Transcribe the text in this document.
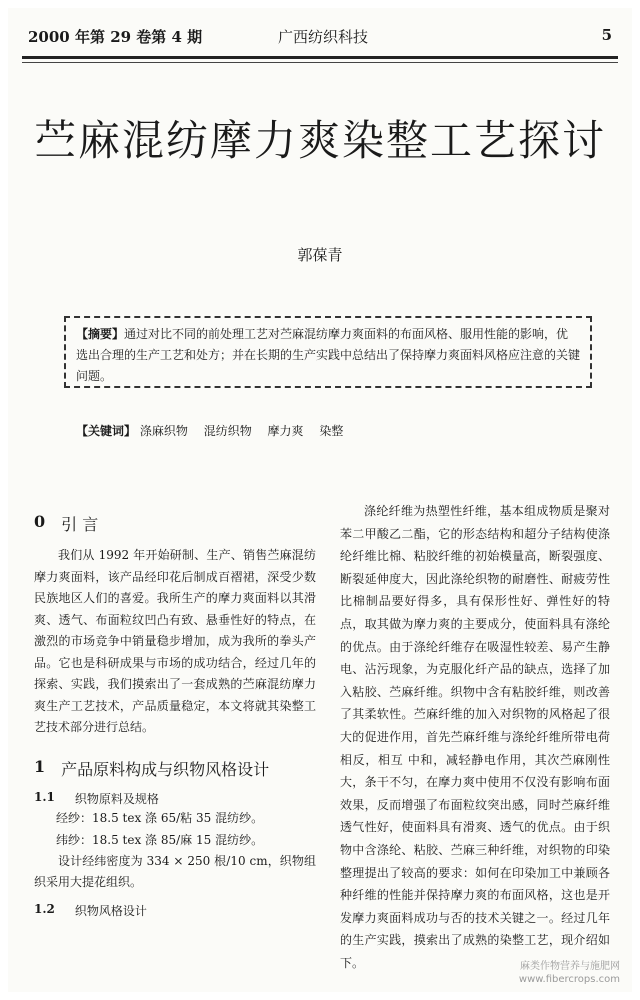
2000 年第 29 卷第 4 期	广西纺织科技	5
苎麻混纺摩力爽染整工艺探讨
郭葆青
【摘要】通过对比不同的前处理工艺对苎麻混纺摩力爽面料的布面风格、服用性能的影响，优选出合理的生产工艺和处方；并在长期的生产实践中总结出了保持摩力爽面料风格应注意的关键问题。
【关键词】 涤麻织物 混纺织物 摩力爽 染整
0 引 言

我们从 1992 年开始研制、生产、销售苎麻混纺摩力爽面料，该产品经印花后制成百褶裙，深受少数民族地区人们的喜爱。我所生产的摩力爽面料以其滑爽、透气、布面粒纹凹凸有致、悬垂性好的特点，在激烈的市场竞争中销量稳步增加，成为我所的拳头产品。它也是科研成果与市场的成功结合，经过几年的探索、实践，我们摸索出了一套成熟的苎麻混纺摩力爽生产工艺技术，产品质量稳定，本文将就其染整工艺技术部分进行总结。

1 产品原料构成与织物风格设计
1.1 织物原料及规格
经纱：18.5 tex 涤 65/粘 35 混纺纱。
纬纱：18.5 tex 涤 85/麻 15 混纺纱。

设计经纬密度为 334 × 250 根/10 cm，织物组织采用大提花组织。

1.2 织物风格设计

涤纶纤维为热塑性纤维，基本组成物质是聚对苯二甲酸乙二酯，它的形态结构和超分子结构使涤纶纤维比棉、粘胶纤维的初始模量高，断裂强度、断裂延伸度大，因此涤纶织物的耐磨性、耐疲劳性比棉制品要好得多，具有保形性好、弹性好的特点，取其做为摩力爽的主要成分，使面料具有涤纶的优点。由于涤纶纤维存在吸湿性较差、易产生静电、沾污现象，为克服化纤产品的缺点，选择了加入粘胶、苎麻纤维。织物中含有粘胶纤维，则改善了其柔软性。苎麻纤维的加入对织物的风格起了很大的促进作用，首先苎麻纤维与涤纶纤维所带电荷相反，相互 中和，减轻静电作用，其次苎麻刚性大，条干不匀，在摩力爽中使用不仅没有影响布面效果，反而增强了布面粒纹突出感，同时苎麻纤维透气性好，使面料具有滑爽、透气的优点。由于织物中含涤纶、粘胶、苎麻三种纤维，对织物的印染整理提出了较高的要求：如何在印染加工中兼顾各种纤维的性能并保持摩力爽的布面风格，这也是开发摩力爽面料成功与否的技术关键之一。经过几年的生产实践，摸索出了成熟的染整工艺，现介绍如下。	麻类作物营养与施肥网
www.fibercrops.com
